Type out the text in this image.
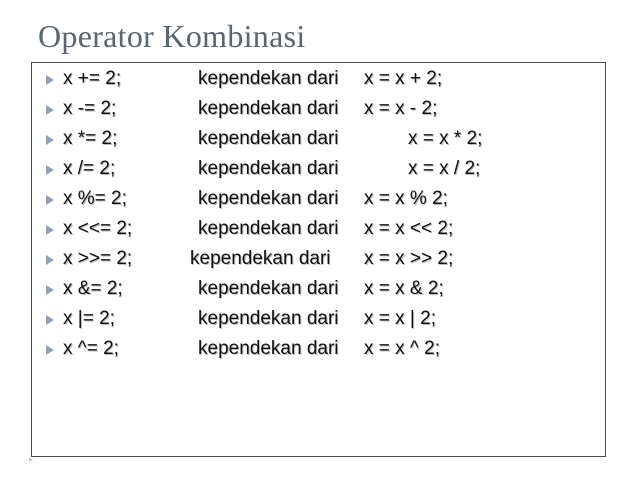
Operator Kombinasi
x += 2;	kependekan dari x = x + 2;
x -= 2;	kependekan dari x = x - 2;
x *= 2;	kependekan dari	x = x * 2;
x /= 2;	kependekan dari	x = x / 2;
x %= 2;	kependekan dari x = x % 2;
x <<= 2;	kependekan dari x = x << 2;
x >>= 2;	kependekan dari x = x >> 2;
x &= 2;	kependekan dari x = x & 2;
x |= 2;	kependekan dari x = x | 2;
x ^= 2;	kependekan dari x = x ^ 2;
▸
